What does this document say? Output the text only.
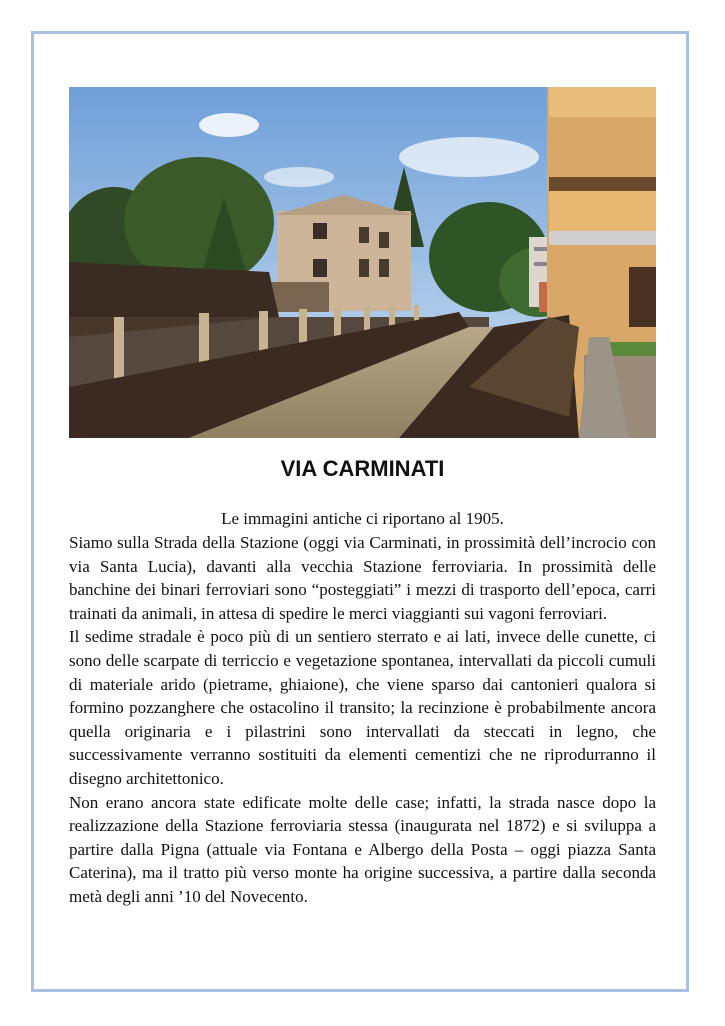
VIA CARMINATI
Le immagini antiche ci riportano al 1905.

Siamo sulla Strada della Stazione (oggi via Carminati, in prossimità dell’incrocio con via Santa Lucia), davanti alla vecchia Stazione ferroviaria. In prossimità delle banchine dei binari ferroviari sono “posteggiati” i mezzi di trasporto dell’epoca, carri trainati da animali, in attesa di spedire le merci viaggianti sui vagoni ferroviari.

Il sedime stradale è poco più di un sentiero sterrato e ai lati, invece delle cunette, ci sono delle scarpate di terriccio e vegetazione spontanea, intervallati da piccoli cumuli di materiale arido (pietrame, ghiaione), che viene sparso dai cantonieri qualora si formino pozzanghere che ostacolino il transito; la recinzione è probabilmente ancora quella originaria e i pilastrini sono intervallati da steccati in legno, che successivamente verranno sostituiti da elementi cementizi che ne riprodurranno il disegno architettonico.

Non erano ancora state edificate molte delle case; infatti, la strada nasce dopo la realizzazione della Stazione ferroviaria stessa (inaugurata nel 1872) e si sviluppa a partire dalla Pigna (attuale via Fontana e Albergo della Posta – oggi piazza Santa Caterina), ma il tratto più verso monte ha origine successiva, a partire dalla seconda metà degli anni ’10 del Novecento.
